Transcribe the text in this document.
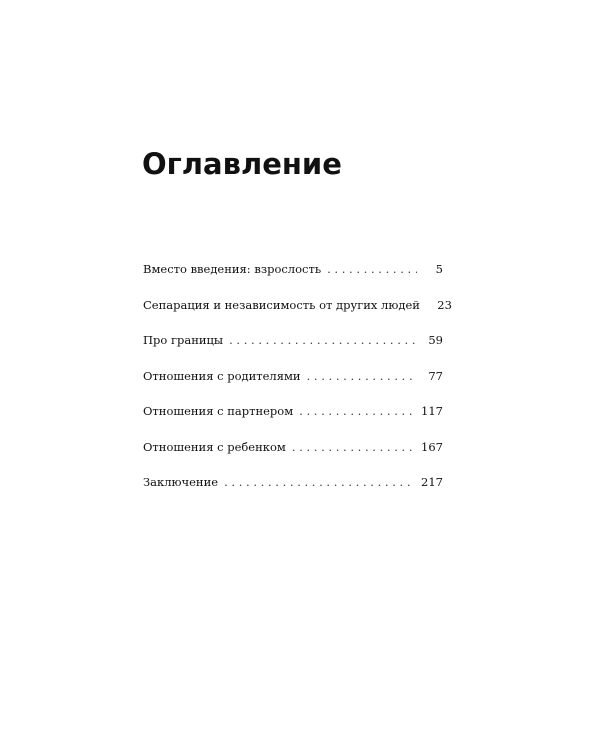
Оглавление
Вместо введения: взрослость . . .	5
Сепарация и независимость от других людей	23
Про границы . . .	59
Отношения с родителями . . .	77
Отношения с партнером . . .	117
Отношения с ребенком . . .	167
Заключение . . .	217
